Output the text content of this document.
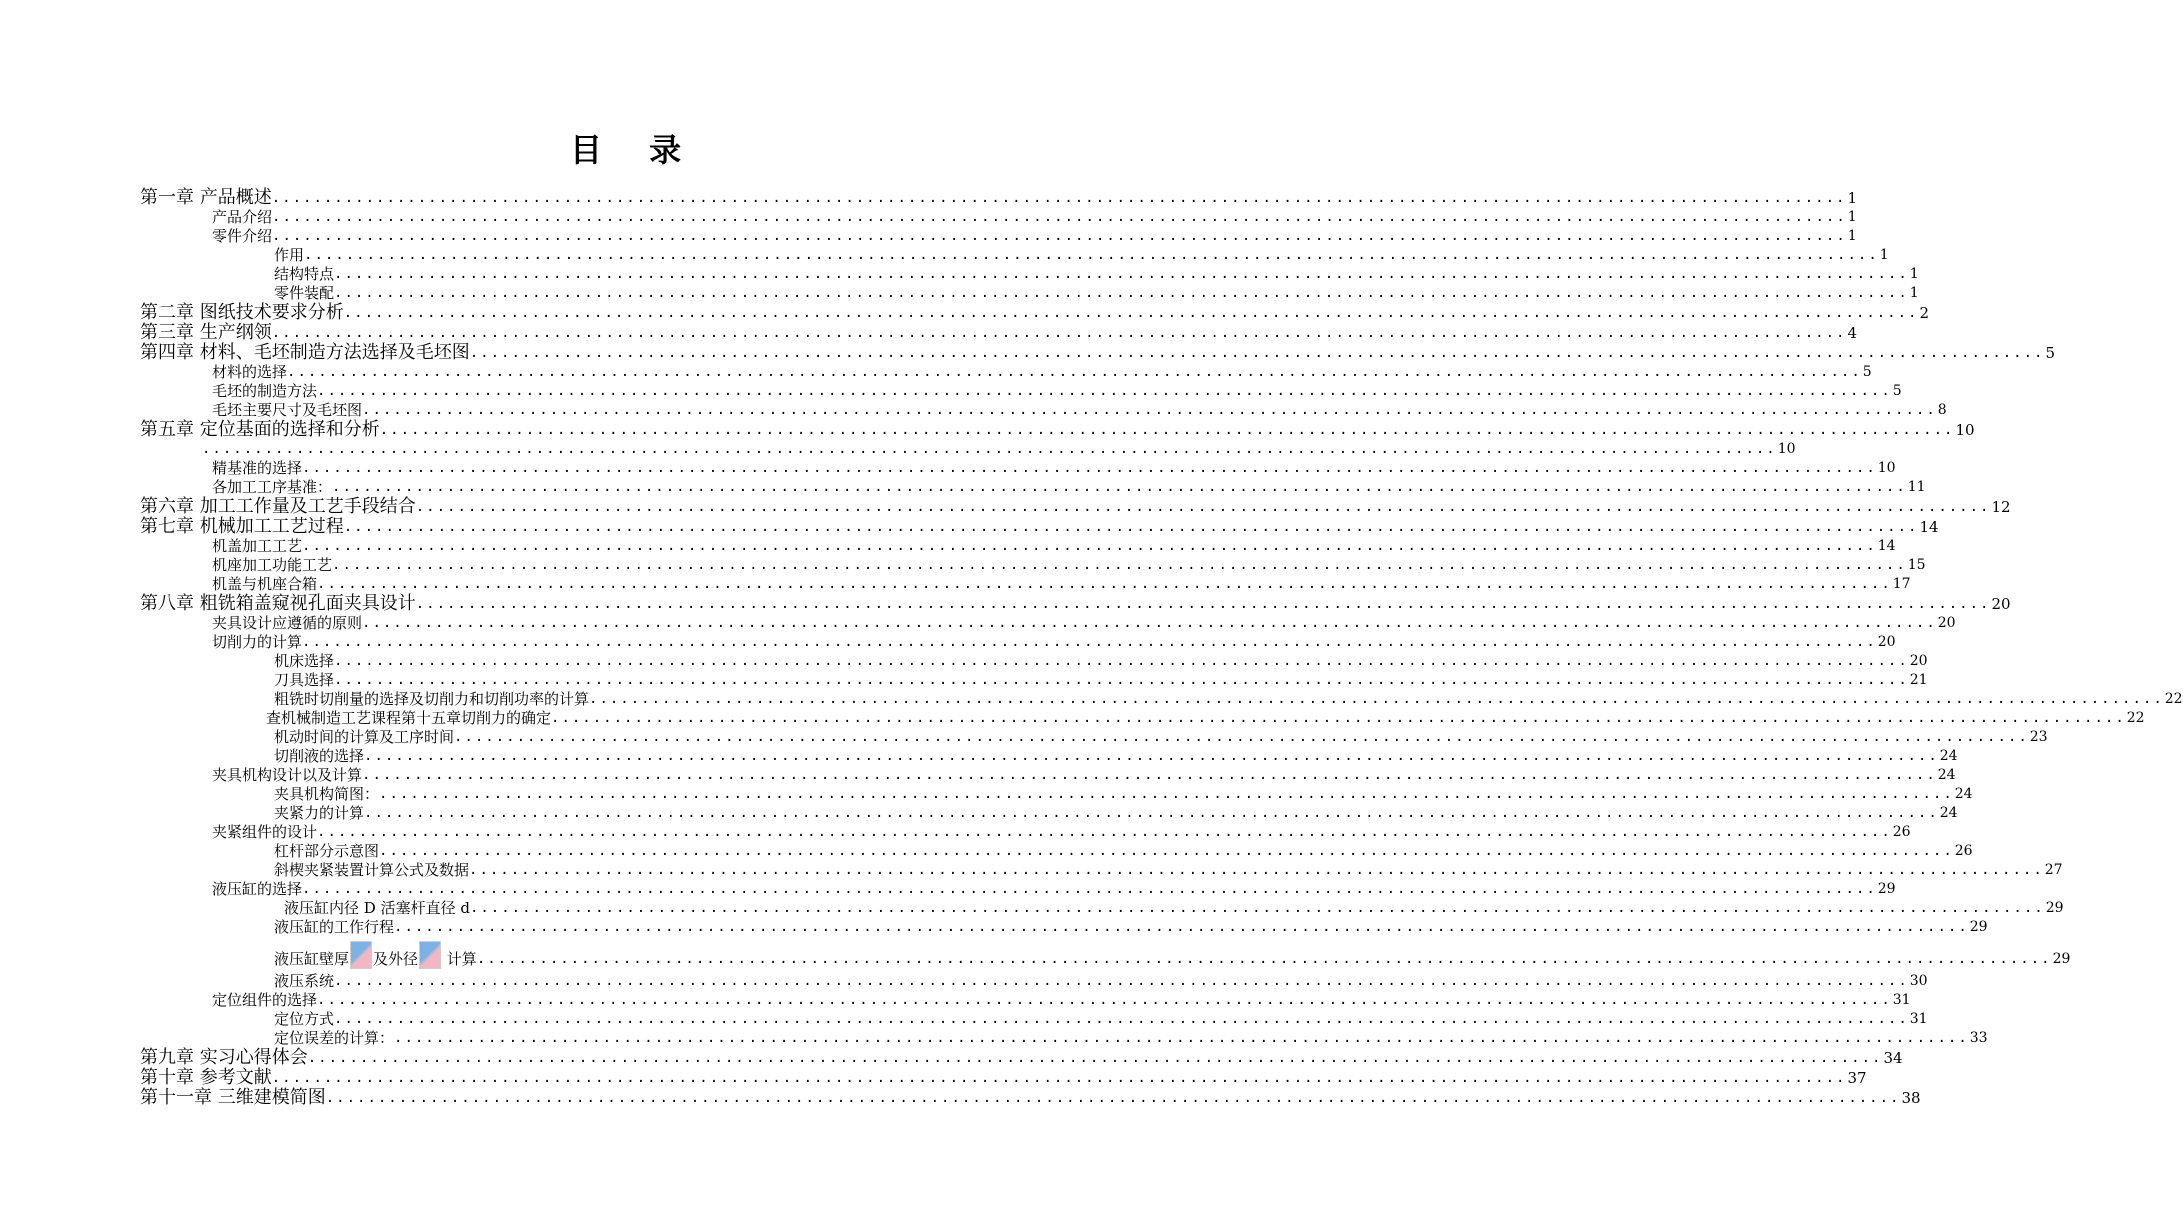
目 录
第一章 产品概述 ....................................................................................................................................................... 1
产品介绍 ....................................................................................................................................................... 1
零件介绍 ....................................................................................................................................................... 1
作用 ....................................................................................................................................................... 1
结构特点 ....................................................................................................................................................... 1
零件装配 ....................................................................................................................................................... 1
第二章 图纸技术要求分析 ....................................................................................................................................................... 2
第三章 生产纲领 ....................................................................................................................................................... 4
第四章 材料、毛坯制造方法选择及毛坯图 ....................................................................................................................................................... 5
材料的选择 ....................................................................................................................................................... 5
毛坯的制造方法 ....................................................................................................................................................... 5
毛坯主要尺寸及毛坯图 ....................................................................................................................................................... 8
第五章 定位基面的选择和分析 ....................................................................................................................................................... 10
....................................................................................................................................................... 10
精基准的选择 ....................................................................................................................................................... 10
各加工工序基准： ....................................................................................................................................................... 11
第六章 加工工作量及工艺手段结合 ....................................................................................................................................................... 12
第七章 机械加工工艺过程 ....................................................................................................................................................... 14
机盖加工工艺 ....................................................................................................................................................... 14
机座加工功能工艺 ....................................................................................................................................................... 15
机盖与机座合箱 ....................................................................................................................................................... 17
第八章 粗铣箱盖窥视孔面夹具设计 ....................................................................................................................................................... 20
夹具设计应遵循的原则 ....................................................................................................................................................... 20
切削力的计算 ....................................................................................................................................................... 20
机床选择 ....................................................................................................................................................... 20
刀具选择 ....................................................................................................................................................... 21
粗铣时切削量的选择及切削力和切削功率的计算 ....................................................................................................................................................... 22
查机械制造工艺课程第十五章切削力的确定 ....................................................................................................................................................... 22
机动时间的计算及工序时间 ....................................................................................................................................................... 23
切削液的选择 ....................................................................................................................................................... 24
夹具机构设计以及计算 ....................................................................................................................................................... 24
夹具机构简图： ....................................................................................................................................................... 24
夹紧力的计算 ....................................................................................................................................................... 24
夹紧组件的设计 ....................................................................................................................................................... 26
杠杆部分示意图 ....................................................................................................................................................... 26
斜楔夹紧装置计算公式及数据 ....................................................................................................................................................... 27
液压缸的选择 ....................................................................................................................................................... 29
液压缸内径 D 活塞杆直径 d ....................................................................................................................................................... 29
液压缸的工作行程 ....................................................................................................................................................... 29
液压缸壁厚 及外径 计算 ....................................................................................................................................................... 29
液压系统 ....................................................................................................................................................... 30
定位组件的选择 ....................................................................................................................................................... 31
定位方式 ....................................................................................................................................................... 31
定位误差的计算： ....................................................................................................................................................... 33
第九章 实习心得体会 ....................................................................................................................................................... 34
第十章 参考文献 ....................................................................................................................................................... 37
第十一章 三维建模简图 ....................................................................................................................................................... 38
